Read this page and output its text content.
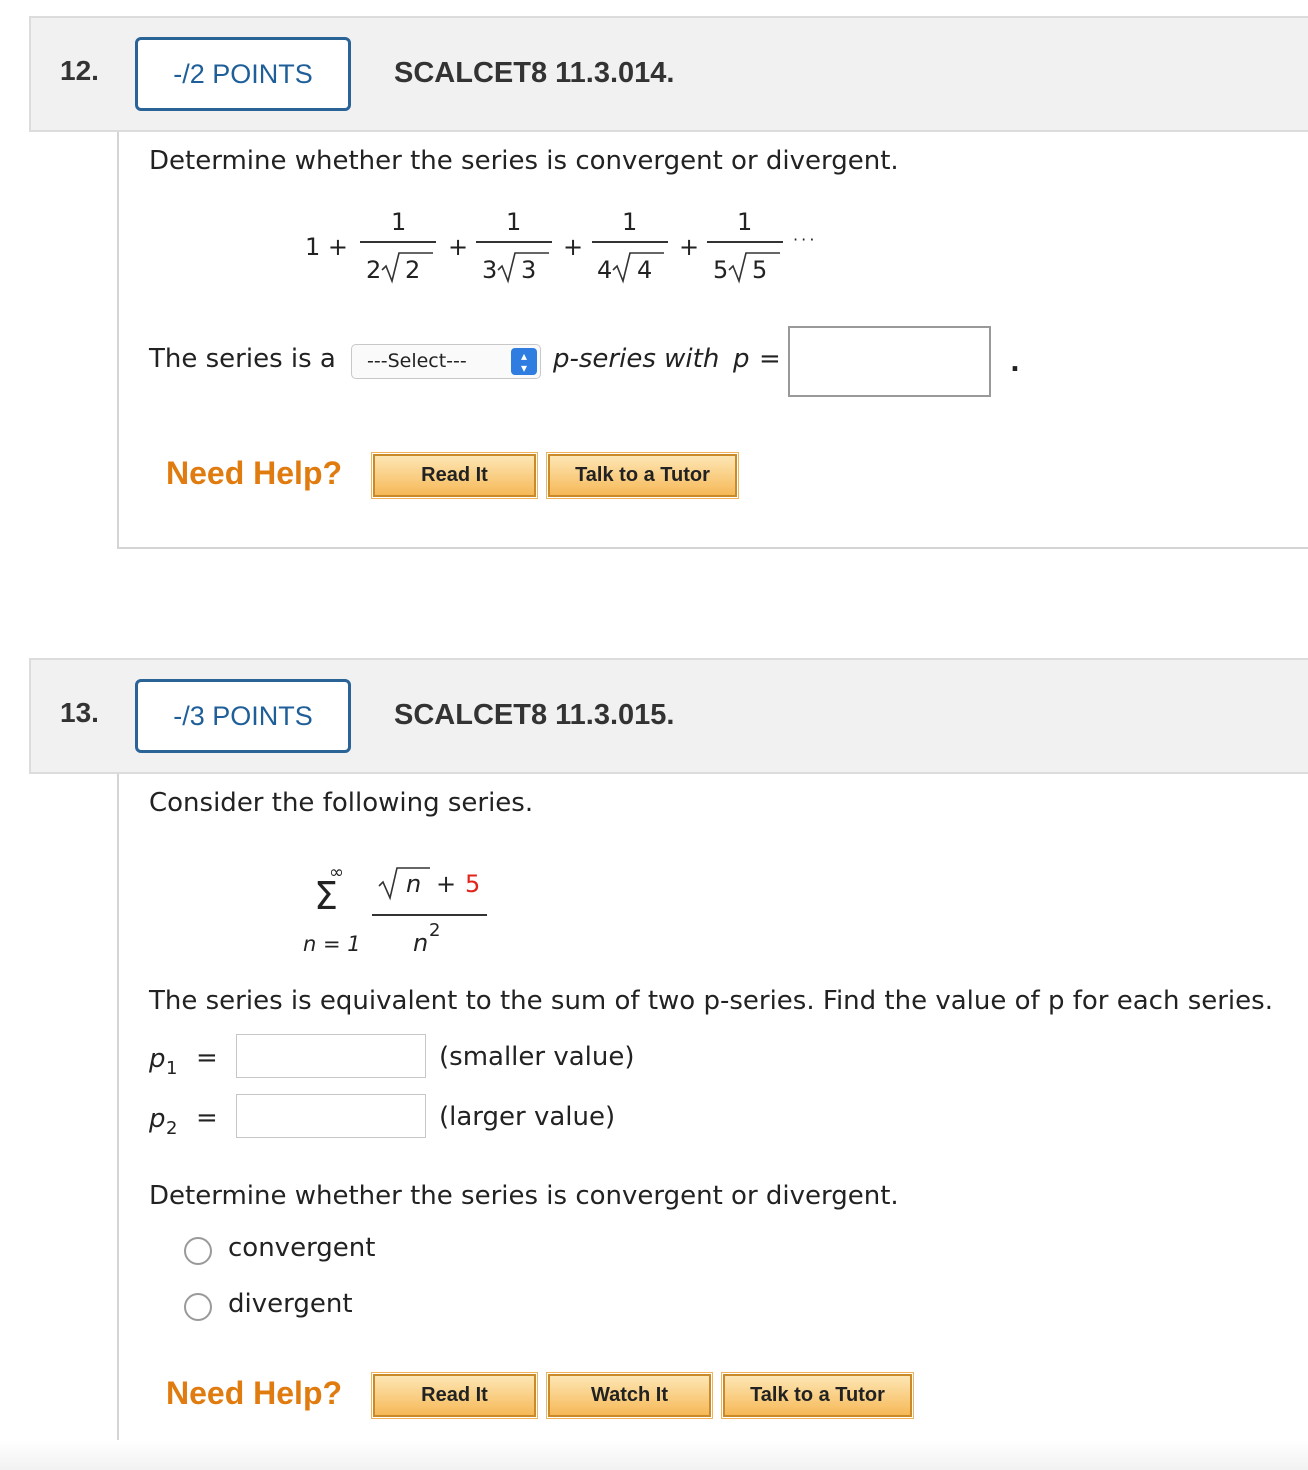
12.	-/2 POINTS	SCALCET8 11.3.014.
Determine whether the series is convergent or divergent.
1 +
1
2 2
+
1
3 3
+
1
4 4
+
1
5 5
· · ·
The series is a	---Select---	▴
▾ p-series with p =	.
Need Help?	Read It	Talk to a Tutor
13.	-/3 POINTS	SCALCET8 11.3.015.
Consider the following series.
∞
Σ
n = 1
n + 5
n 2
The series is equivalent to the sum of two p-series. Find the value of p for each series.
p 1 =	(smaller value)
p 2 =	(larger value)
Determine whether the series is convergent or divergent.
convergent
divergent
Need Help?	Read It	Watch It	Talk to a Tutor
